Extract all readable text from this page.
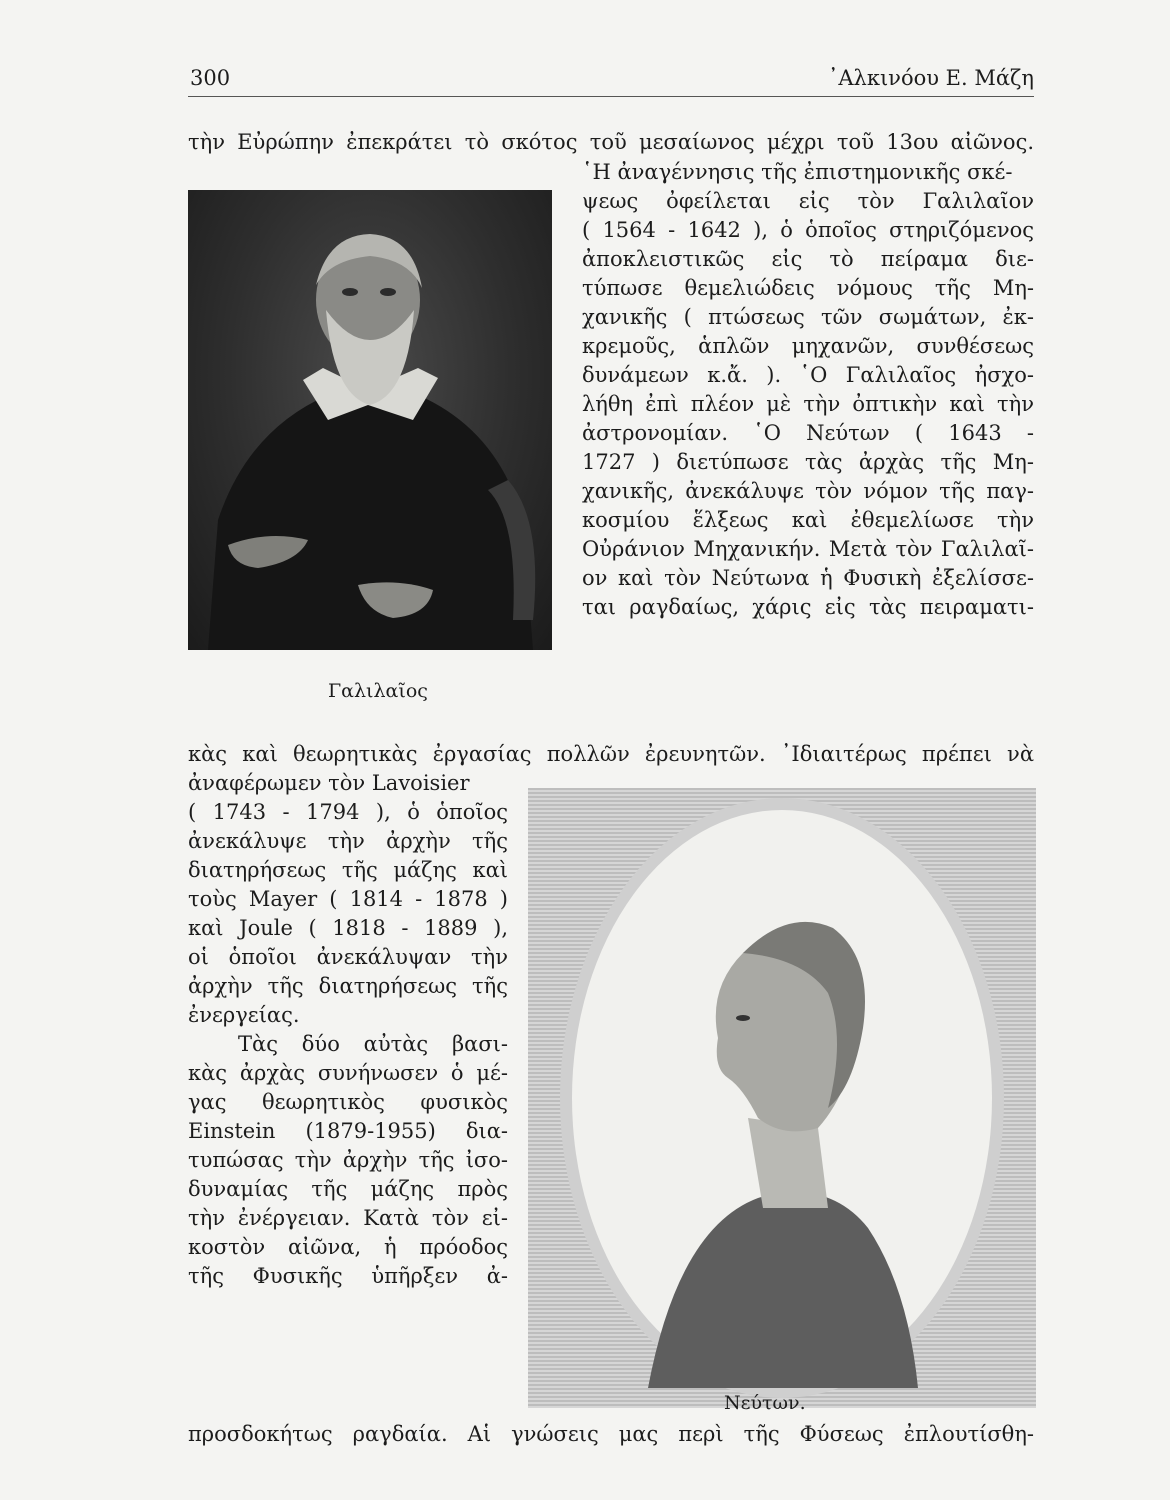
300	᾿Αλκινόου Ε. Μάζη
τὴν Εὐρώπην ἐπεκράτει τὸ σκότος τοῦ μεσαίωνος μέχρι τοῦ 13ου αἰῶνος.
Γαλιλαῖος
῾Η ἀναγέννησις τῆς ἐπιστημονικῆς σκέ-
ψεως ὀφείλεται εἰς τὸν Γαλιλαῖον
( 1564 - 1642 ), ὁ ὁποῖος στηριζόμενος
ἀποκλειστικῶς εἰς τὸ πείραμα διε-
τύπωσε θεμελιώδεις νόμους τῆς Μη-
χανικῆς ( πτώσεως τῶν σωμάτων, ἐκ-
κρεμοῦς, ἁπλῶν μηχανῶν, συνθέσεως
δυνάμεων κ.ἄ. ). ῾Ο Γαλιλαῖος ἠσχο-
λήθη ἐπὶ πλέον μὲ τὴν ὀπτικὴν καὶ τὴν
ἀστρονομίαν. ῾Ο Νεύτων ( 1643 -
1727 ) διετύπωσε τὰς ἀρχὰς τῆς Μη-
χανικῆς, ἀνεκάλυψε τὸν νόμον τῆς παγ-
κοσμίου ἕλξεως καὶ ἐθεμελίωσε τὴν
Οὐράνιον Μηχανικήν. Μετὰ τὸν Γαλιλαῖ-
ον καὶ τὸν Νεύτωνα ἡ Φυσικὴ ἐξελίσσε-
ται ραγδαίως, χάρις εἰς τὰς πειραματι-
κὰς καὶ θεωρητικὰς ἐργασίας πολλῶν ἐρευνητῶν. ᾿Ιδιαιτέρως πρέπει νὰ
Νεύτων.
ἀναφέρωμεν τὸν Lavoisier
( 1743 - 1794 ), ὁ ὁποῖος
ἀνεκάλυψε τὴν ἀρχὴν τῆς
διατηρήσεως τῆς μάζης καὶ
τοὺς Mayer ( 1814 - 1878 )
καὶ Joule ( 1818 - 1889 ),
οἱ ὁποῖοι ἀνεκάλυψαν τὴν
ἀρχὴν τῆς διατηρήσεως τῆς
ἐνεργείας.
Τὰς δύο αὐτὰς βασι-
κὰς ἀρχὰς συνήνωσεν ὁ μέ-
γας θεωρητικὸς φυσικὸς
Einstein (1879-1955) δια-
τυπώσας τὴν ἀρχὴν τῆς ἰσο-
δυναμίας τῆς μάζης πρὸς
τὴν ἐνέργειαν. Κατὰ τὸν εἰ-
κοστὸν αἰῶνα, ἡ πρόοδος
τῆς Φυσικῆς ὑπῆρξεν ἀ-
προσδοκήτως ραγδαία. Αἱ γνώσεις μας περὶ τῆς Φύσεως ἐπλουτίσθη-
